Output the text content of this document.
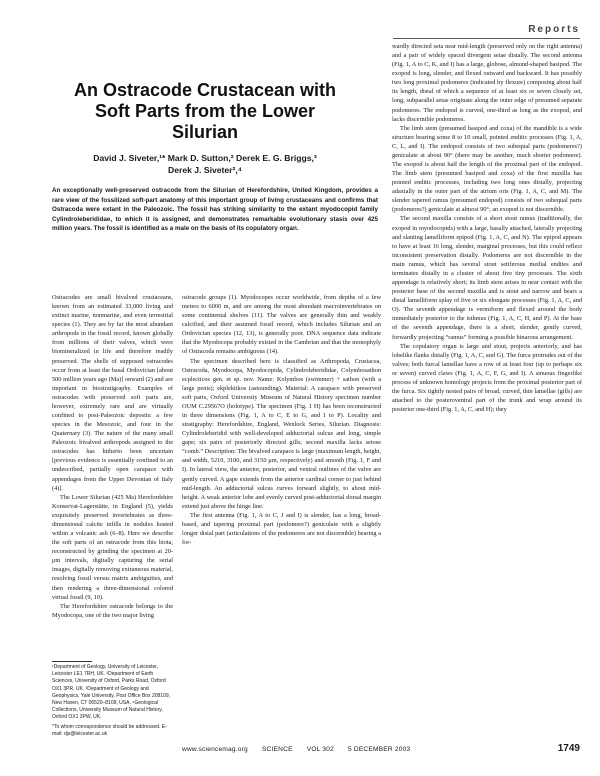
Reports
An Ostracode Crustacean with Soft Parts from the Lower Silurian
David J. Siveter,¹* Mark D. Sutton,² Derek E. G. Briggs,³
Derek J. Siveter²,⁴
An exceptionally well-preserved ostracode from the Silurian of Herefordshire, United Kingdom, provides a rare view of the fossilized soft-part anatomy of this important group of living crustaceans and confirms that Ostracoda were extant in the Paleozoic. The fossil has striking similarity to the extant myodocopid family Cylindroleberididae, to which it is assigned, and demonstrates remarkable evolutionary stasis over 425 million years. The fossil is identified as a male on the basis of its copulatory organ.

Ostracodes are small bivalved crustaceans, known from an estimated 33,000 living and extinct marine, nonmarine, and even terrestrial species (1). They are by far the most abundant arthropods in the fossil record, known globally from millions of their valves, which were biomineralized in life and therefore readily preserved. The shells of supposed ostracodes occur from at least the basal Ordovician [about 500 million years ago (Ma)] onward (2) and are important in biostratigraphy. Examples of ostracodes with preserved soft parts are, however, extremely rare and are virtually confined to post-Paleozoic deposits: a few species in the Mesozoic, and four in the Quaternary (3). The nature of the many small Paleozoic bivalved arthropods assigned to the ostracodes has hitherto been uncertain [previous evidence is essentially confined to an undescribed, partially open carapace with appendages from the Upper Devonian of Italy (4)].

The Lower Silurian (425 Ma) Herefordshire Konservat-Lagerstätte, in England (5), yields exquisitely preserved invertebrates as three-dimensional calcite infills in nodules hosted within a volcanic ash (6–8). Here we describe the soft parts of an ostracode from this biota, reconstructed by grinding the specimen at 20-μm intervals, digitally capturing the serial images, digitally removing extraneous material, resolving fossil versus matrix ambiguities, and then rendering a three-dimensional colored virtual fossil (9, 10).

The Herefordshire ostracode belongs to the Myodocopa, one of the two major living

¹Department of Geology, University of Leicester, Leicester LE1 7RH, UK. ²Department of Earth Sciences, University of Oxford, Parks Road, Oxford OX1 3PR, UK. ³Department of Geology and Geophysics, Yale University, Post Office Box 208109, New Haven, CT 06520–8109, USA. ⁴Geological Collections, University Museum of Natural History, Oxford OX1 3PW, UK.

*To whom correspondence should be addressed. E-mail: djs@leicester.ac.uk

ostracode groups (1). Myodocopes occur worldwide, from depths of a few meters to 6000 m, and are among the most abundant macroinvertebrates on some continental shelves (11). The valves are generally thin and weakly calcified, and their assumed fossil record, which includes Silurian and an Ordovician species (12, 13), is generally poor. DNA sequence data indicate that the Myodocopa probably existed in the Cambrian and that the monophyly of Ostracoda remains ambiguous (14).

The specimen described here is classified as Arthropoda, Crustacea, Ostracoda, Myodocopa, Myodocopida, Cylindroleberididae, Colymbosathon ecplecticos gen. et sp. nov. Name: Kolymbos (swimmer) + sathon (with a large penis); ekplektikos (astounding). Material: A carapace with preserved soft parts, Oxford University Museum of Natural History specimen number OUM C.29567O (holotype). The specimen (Fig. 1 H) has been reconstructed in three dimensions (Fig. 1, A to C, E to G, and I to P). Locality and stratigraphy: Herefordshire, England, Wenlock Series, Silurian. Diagnosis: Cylindroleberidid with well-developed adductorial sulcus and long, simple gape; six pairs of posteriorly directed gills; second maxilla lacks setose “comb.” Description: The bivalved carapace is large (maximum length, height, and width, 5210, 3100, and 3150 μm, respectively) and smooth (Fig. 1, F and I). In lateral view, the anterior, posterior, and ventral outlines of the valve are gently curved. A gape extends from the anterior cardinal corner to just behind mid-length. An adductorial sulcus curves forward slightly, to about mid-height. A weak anterior lobe and evenly curved post-adductorial dorsal margin extend just above the hinge line.

The first antenna (Fig. 1, A to C, J and I) is slender, has a long, broad-based, and tapering proximal part (podomere?) geniculate with a slightly longer distal part (articulations of the podomeres are not discernible) bearing a for-

wardly directed seta near mid-length (preserved only on the right antenna) and a pair of widely spaced divergent setae distally. The second antenna (Fig. 1, A to C, K, and I) has a large, globose, almond-shaped basipod. The exopod is long, slender, and flexed outward and backward. It has possibly two long proximal podomeres (indicated by flexure) composing about half its length, distal of which a sequence of at least six or seven closely set, long, subparallel setae originate along the outer edge of presumed separate podomeres. The endopod is curved, one-third as long as the exopod, and lacks discernible podomeres.

The limb stem (presumed basipod and coxa) of the mandible is a wide structure bearing some 8 to 10 small, pointed enditic processes (Fig. 1, A, C, L, and I). The endopod consists of two subequal parts (podomeres?) geniculate at about 90° (there may be another, much shorter podomere). The exopod is about half the length of the proximal part of the endopod. The limb stem (presumed basipod and coxa) of the first maxilla has pointed enditic processes, including two long ones distally, projecting adaxially in the outer part of the atrium oris (Fig. 1, A, C, and M). The slender tapered ramus (presumed endopod) consists of two subequal parts (podomeres?) geniculate at almost 90°; an exopod is not discernible.

The second maxilla consists of a short stout ramus (traditionally, the exopod in myodocopids) with a large, basally attached, laterally projecting and slanting lamelliform epipod (Fig. 1, A, C, and N). The epipod appears to have at least 16 long, slender, marginal processes, but this could reflect inconsistent preservation distally. Podomeres are not discernible in the main ramus, which has several stout setiferous medial endites and terminates distally in a cluster of about five tiny processes. The sixth appendage is relatively short; its limb stem arises in near contact with the posterior base of the second maxilla and is stout and narrow and bears a distal lamelliform splay of five or six elongate processes (Fig. 1, A, C, and O). The seventh appendage is vermiform and flexed around the body immediately posterior to the isthmus (Fig. 1, A, C, H, and P). At the base of the seventh appendage, there is a short, slender, gently curved, forwardly projecting “ramus” forming a possible binarous arrangement.

The copulatory organ is large and stout, projects anteriorly, and has lobelike flanks distally (Fig. 1, A, C, and G). The furca protrudes out of the valves; both furcal lamellae have a row of at least four (up to perhaps six or seven) curved claws (Fig. 1, A, C, F, G, and I). A sinuous fingerlike process of unknown homology projects from the proximal posterior part of the furca. Six tightly nested pairs of broad, curved, thin lamellae (gills) are attached to the posteroventral part of the trunk and wrap around its posterior one-third (Fig. 1, A, C, and H); they

www.sciencemag.org SCIENCE VOL 302 5 DECEMBER 2003	1749
